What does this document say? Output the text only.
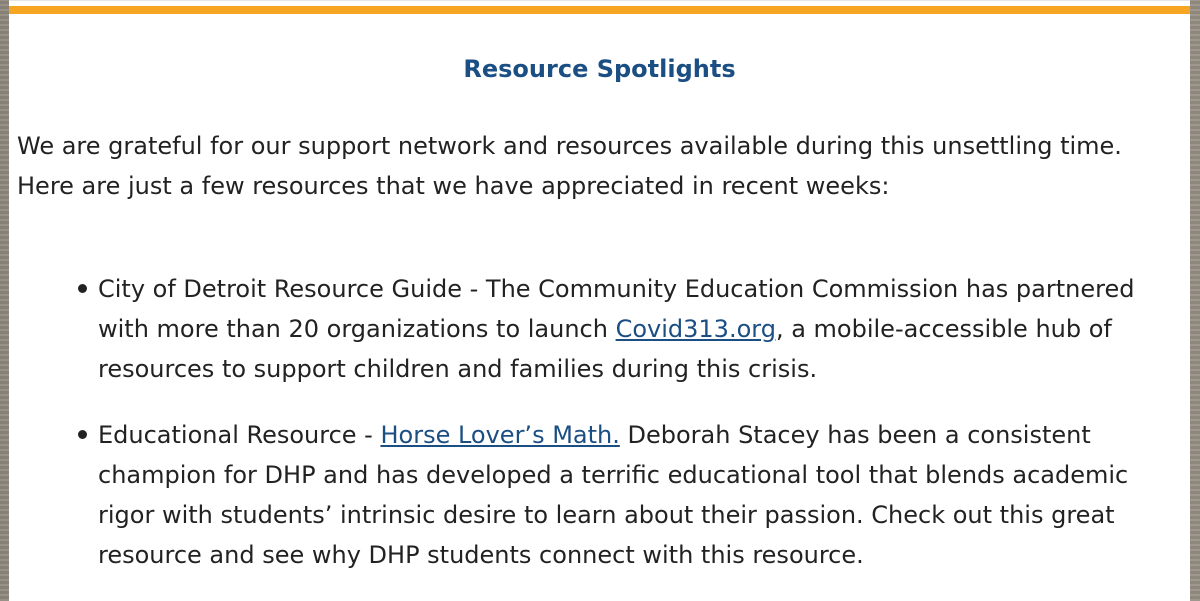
Resource Spotlights

We are grateful for our support network and resources available during this unsettling time. Here are just a few resources that we have appreciated in recent weeks:

City of Detroit Resource Guide - The Community Education Commission has partnered with more than 20 organizations to launch Covid313.org, a mobile-accessible hub of resources to support children and families during this crisis.
Educational Resource - Horse Lover’s Math. Deborah Stacey has been a consistent champion for DHP and has developed a terrific educational tool that blends academic rigor with students’ intrinsic desire to learn about their passion. Check out this great resource and see why DHP students connect with this resource.
